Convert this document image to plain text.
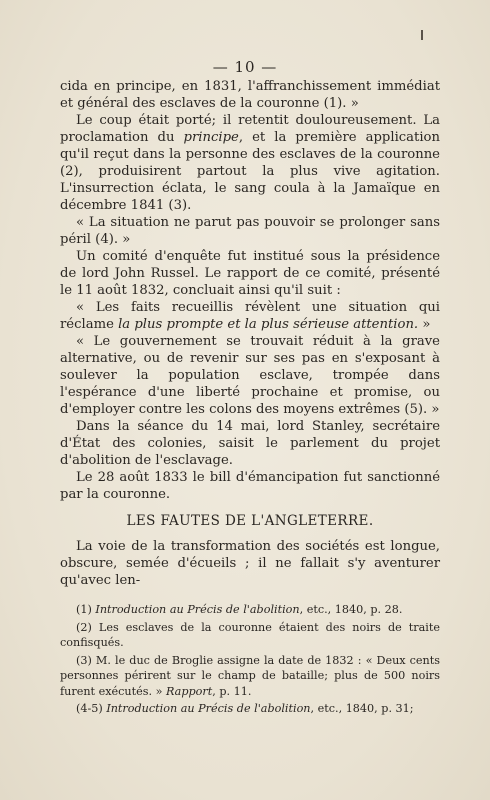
— 10 —

cida en principe, en 1831, l'affranchissement immédiat et général des esclaves de la couronne (1). »

Le coup était porté; il retentit douloureusement. La proclamation du principe, et la première application qu'il reçut dans la personne des esclaves de la couronne (2), produisirent partout la plus vive agitation. L'insurrection éclata, le sang coula à la Jamaïque en décembre 1841 (3).

« La situation ne parut pas pouvoir se prolonger sans péril (4). »

Un comité d'enquête fut institué sous la présidence de lord John Russel. Le rapport de ce comité, présenté le 11 août 1832, concluait ainsi qu'il suit :

« Les faits recueillis révèlent une situation qui réclame la plus prompte et la plus sérieuse attention. »

« Le gouvernement se trouvait réduit à la grave alternative, ou de revenir sur ses pas en s'exposant à soulever la population esclave, trompée dans l'espérance d'une liberté prochaine et promise, ou d'employer contre les colons des moyens extrêmes (5). »

Dans la séance du 14 mai, lord Stanley, secrétaire d'État des colonies, saisit le parlement du projet d'abolition de l'esclavage.

Le 28 août 1833 le bill d'émancipation fut sanctionné par la couronne.

LES FAUTES DE L'ANGLETERRE.

La voie de la transformation des sociétés est longue, obscure, semée d'écueils ; il ne fallait s'y aventurer qu'avec len-

(1) Introduction au Précis de l'abolition, etc., 1840, p. 28.

(2) Les esclaves de la couronne étaient des noirs de traite confisqués.

(3) M. le duc de Broglie assigne la date de 1832 : « Deux cents personnes périrent sur le champ de bataille; plus de 500 noirs furent exécutés. » Rapport, p. 11.

(4-5) Introduction au Précis de l'abolition, etc., 1840, p. 31;
